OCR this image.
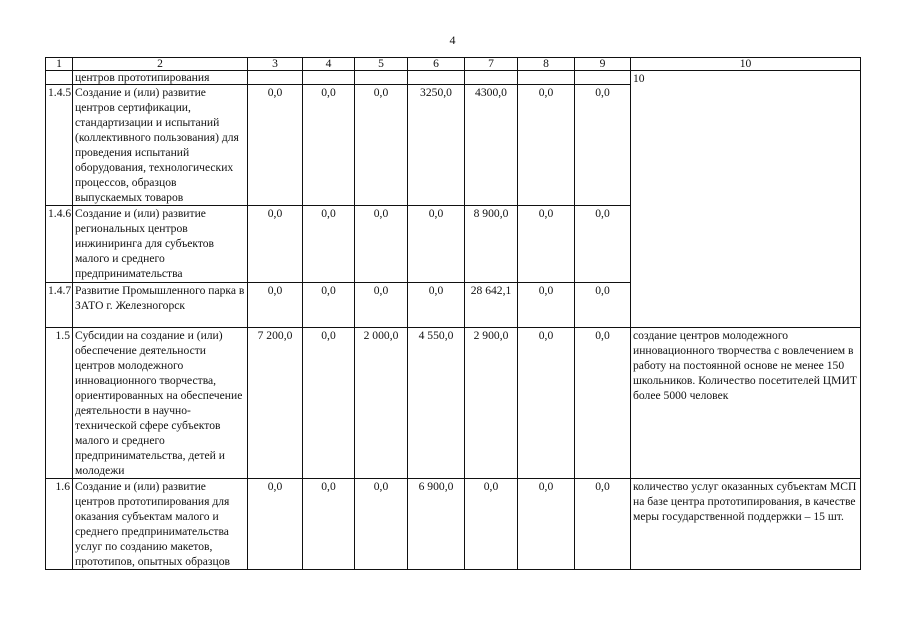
4
1	2	3	4	5	6	7	8	9	10
	центров прототипирования								10
1.4.5	Создание и (или) развитие центров сертификации, стандартизации и испытаний (коллективного пользования) для проведения испытаний оборудования, технологических процессов, образцов выпускаемых товаров	0,0	0,0	0,0	3250,0	4300,0	0,0	0,0	
1.4.6	Создание и (или) развитие региональных центров инжиниринга для субъектов малого и среднего предпринимательства	0,0	0,0	0,0	0,0	8 900,0	0,0	0,0	
1.4.7	Развитие Промышленного парка в ЗАТО г. Железногорск	0,0	0,0	0,0	0,0	28 642,1	0,0	0,0	
1.5	Субсидии на создание и (или) обеспечение деятельности центров молодежного инновационного творчества, ориентированных на обеспечение деятельности в научно-технической сфере субъектов малого и среднего предпринимательства, детей и молодежи	7 200,0	0,0	2 000,0	4 550,0	2 900,0	0,0	0,0	создание центров молодежного инновационного творчества с вовлечением в работу на постоянной основе не менее 150 школьников. Количество посетителей ЦМИТ более 5000 человек
1.6	Создание и (или) развитие центров прототипирования для оказания субъектам малого и среднего предпринимательства услуг по созданию макетов, прототипов, опытных образцов	0,0	0,0	0,0	6 900,0	0,0	0,0	0,0	количество услуг оказанных субъектам МСП на базе центра прототипирования, в качестве меры государственной поддержки – 15 шт.
